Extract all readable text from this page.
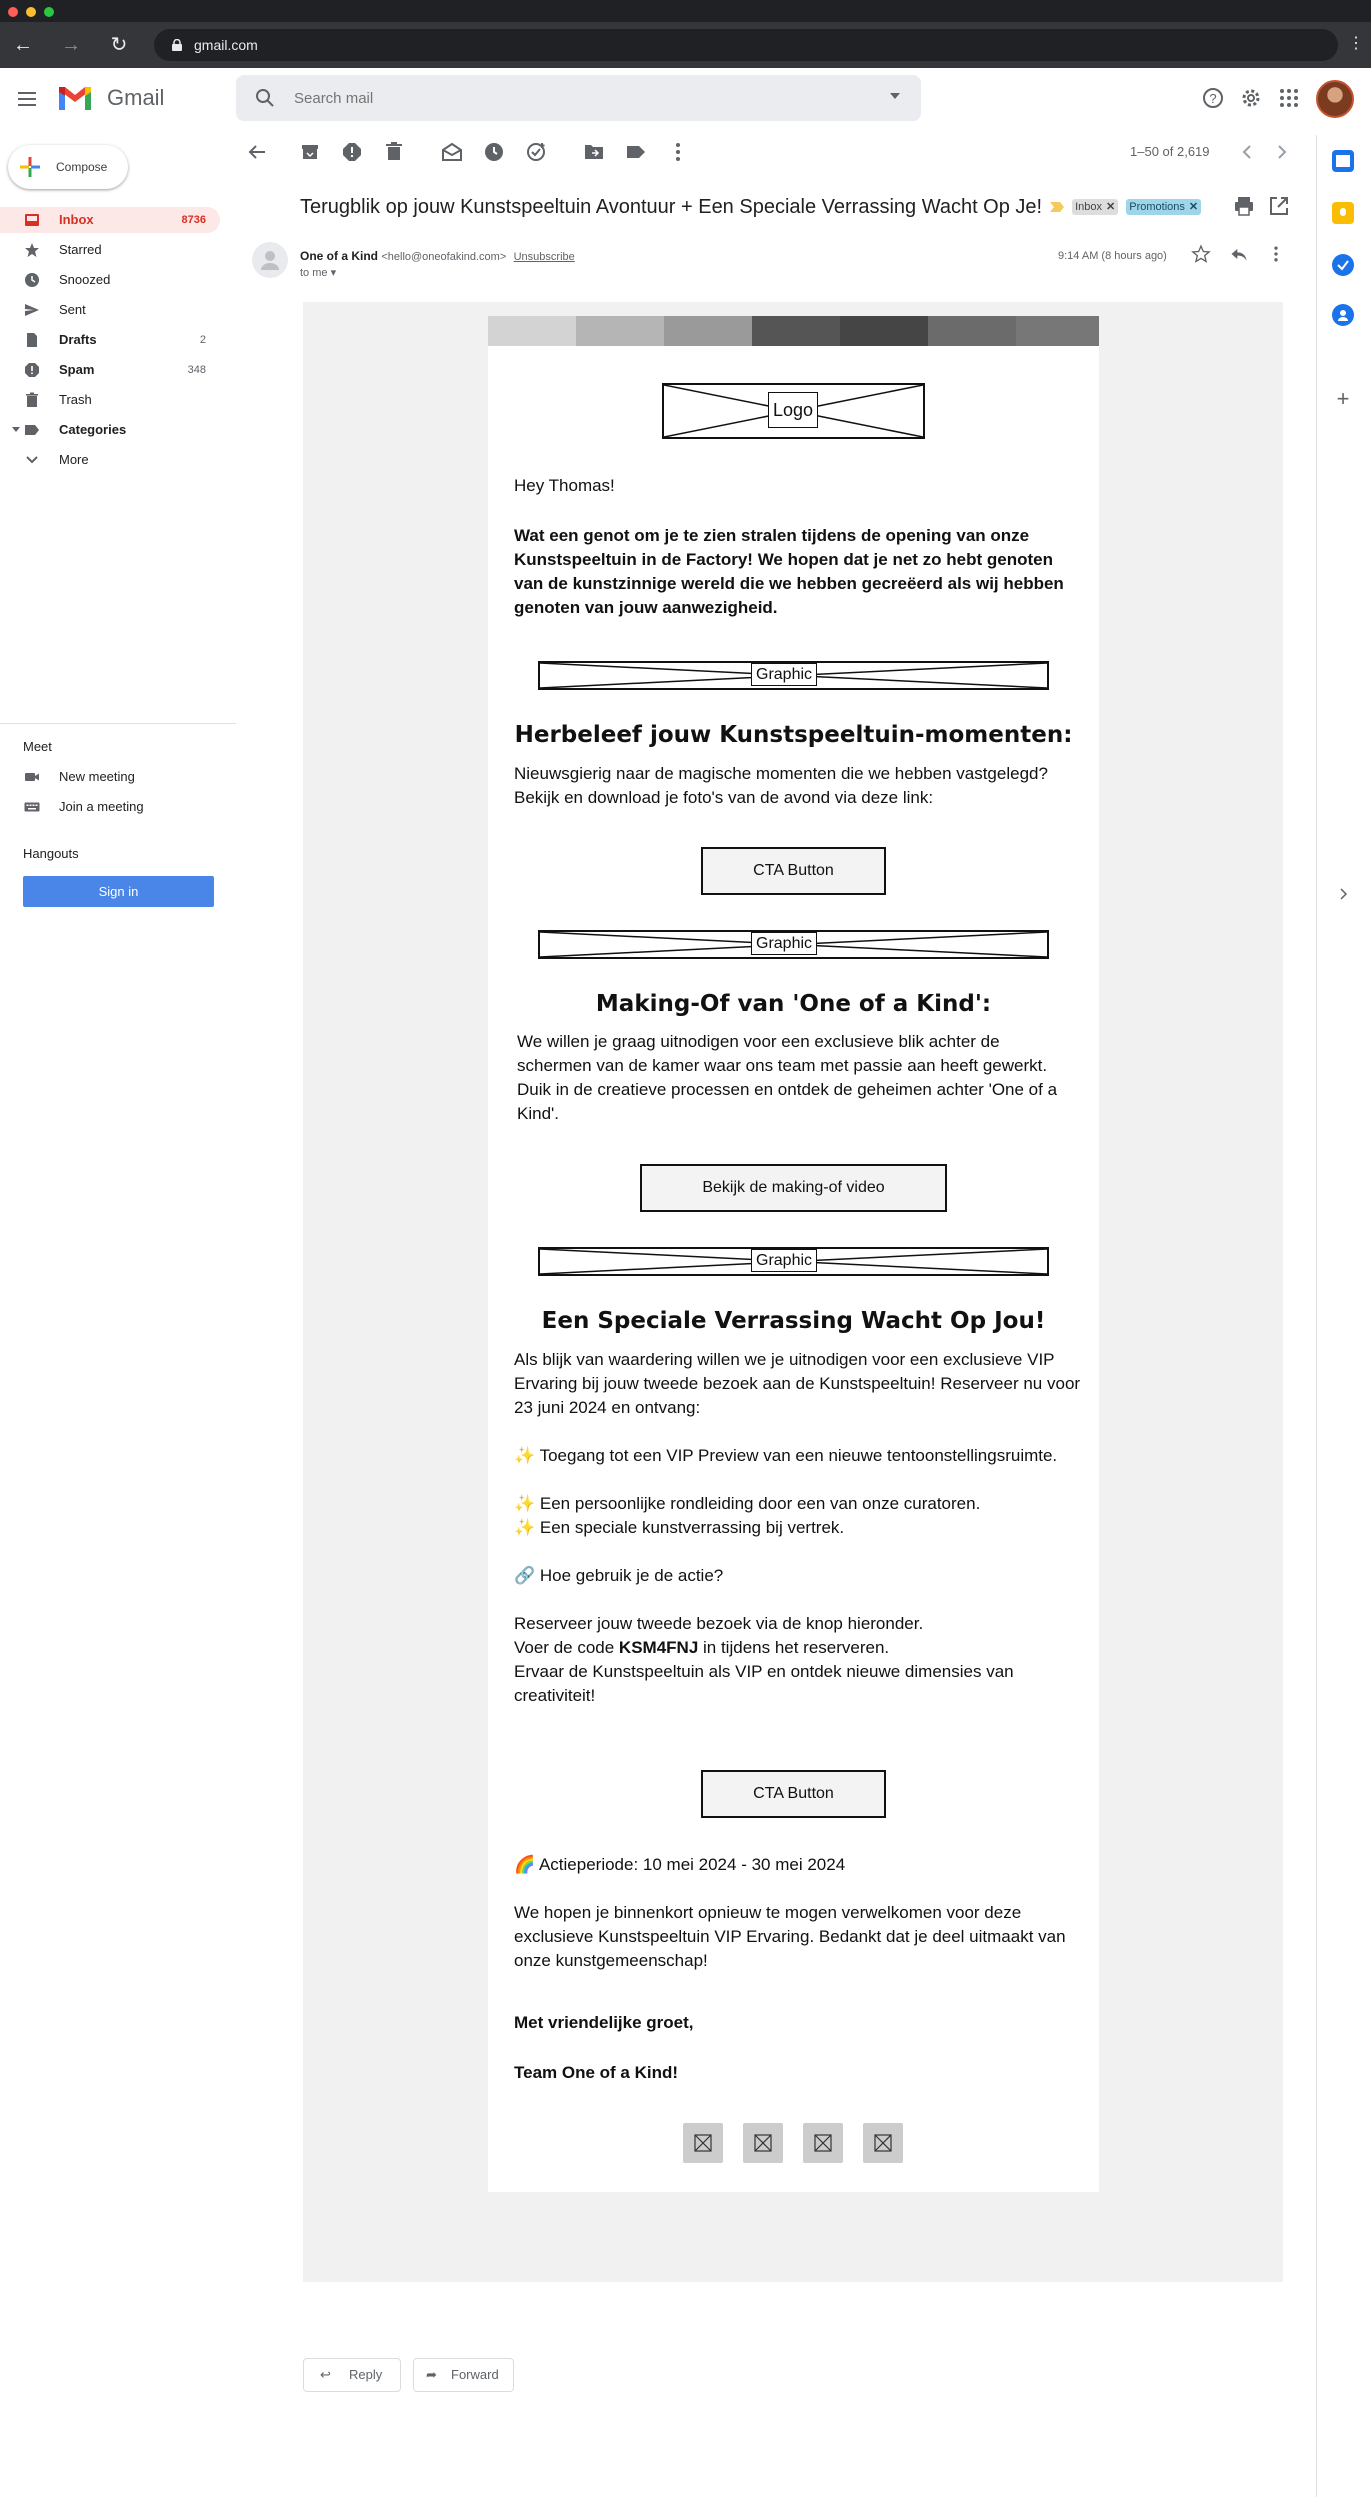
← → ↻	gmail.com	⋮
Gmail
Search mail	?
Compose
Inbox	8736
Starred
Snoozed
Sent
Drafts	2
Spam	348
Trash
Categories
More
Meet
New meeting
Join a meeting
Hangouts
Sign in
1–50 of 2,619
Terugblik op jouw Kunstspeeltuin Avontuur + Een Speciale Verrassing Wacht Op Je!	Inbox ✕ Promotions ✕
One of a Kind <hello@oneofakind.com> Unsubscribe
to me ▾
9:14 AM (8 hours ago)
Logo
Hey Thomas!
Wat een genot om je te zien stralen tijdens de opening van onze Kunstspeeltuin in de Factory! We hopen dat je net zo hebt genoten van de kunstzinnige wereld die we hebben gecreëerd als wij hebben genoten van jouw aanwezigheid.
Graphic
Herbeleef jouw Kunstspeeltuin-momenten:
Nieuwsgierig naar de magische momenten die we hebben vastgelegd? Bekijk en download je foto's van de avond via deze link:
CTA Button
Graphic
Making-Of van 'One of a Kind':
We willen je graag uitnodigen voor een exclusieve blik achter de schermen van de kamer waar ons team met passie aan heeft gewerkt. Duik in de creatieve processen en ontdek de geheimen achter 'One of a Kind'.
Bekijk de making-of video
Graphic
Een Speciale Verrassing Wacht Op Jou!
Als blijk van waardering willen we je uitnodigen voor een exclusieve VIP Ervaring bij jouw tweede bezoek aan de Kunstspeeltuin! Reserveer nu voor 23 juni 2024 en ontvang:
✨ Toegang tot een VIP Preview van een nieuwe tentoonstellingsruimte.
✨ Een persoonlijke rondleiding door een van onze curatoren.
✨ Een speciale kunstverrassing bij vertrek.
🔗 Hoe gebruik je de actie?
Reserveer jouw tweede bezoek via de knop hieronder.
Voer de code KSM4FNJ in tijdens het reserveren.
Ervaar de Kunstspeeltuin als VIP en ontdek nieuwe dimensies van creativiteit!
CTA Button
🌈 Actieperiode: 10 mei 2024 - 30 mei 2024
We hopen je binnenkort opnieuw te mogen verwelkomen voor deze exclusieve Kunstspeeltuin VIP Ervaring. Bedankt dat je deel uitmaakt van onze kunstgemeenschap!
Met vriendelijke groet,
Team One of a Kind!
↩ Reply	➦ Forward
+
